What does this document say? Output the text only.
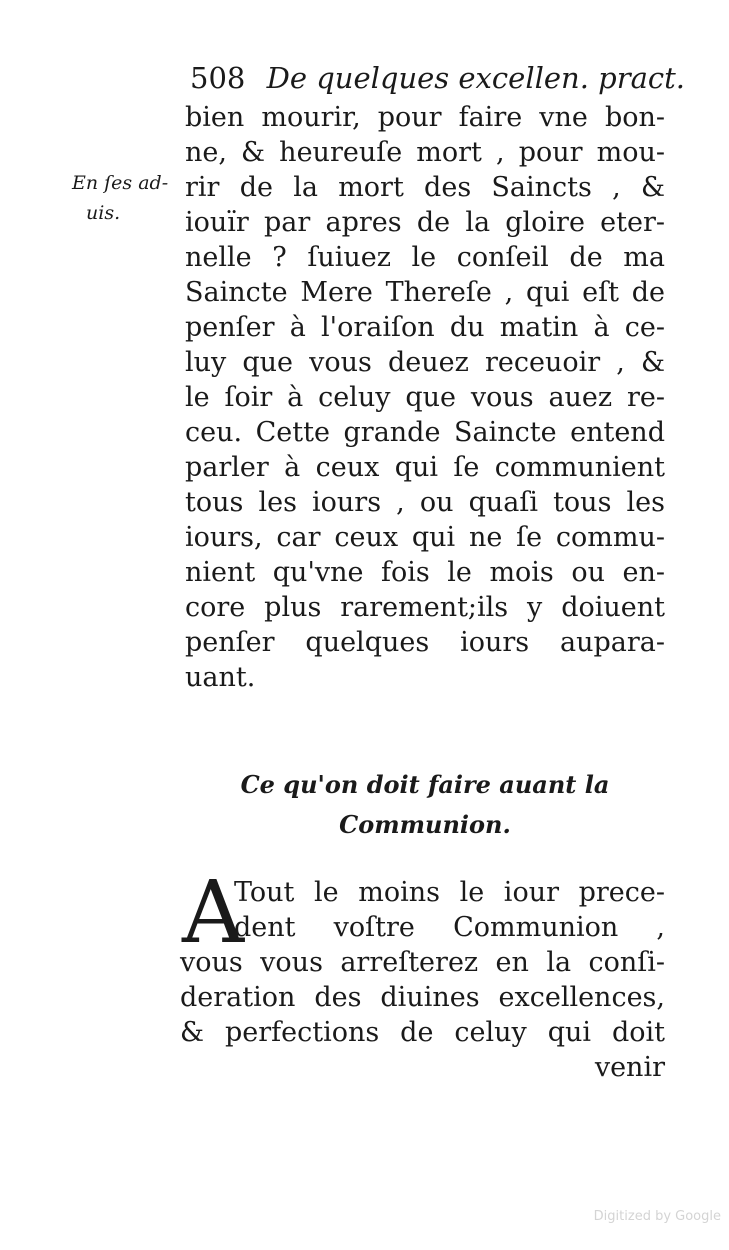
508 De quelques excellen. pract.
En ſes ad-
uis.
bien mourir, pour faire vne bon-
ne, & heureuſe mort , pour mou-
rir de la mort des Saincts , &
iouïr par apres de la gloire eter-
nelle ? ſuiuez le conſeil de ma
Saincte Mere Thereſe , qui eſt de
penſer à l'oraiſon du matin à ce-
luy que vous deuez receuoir , &
le ſoir à celuy que vous auez re-
ceu. Cette grande Saincte entend
parler à ceux qui ſe communient
tous les iours , ou quaſi tous les
iours, car ceux qui ne ſe commu-
nient qu'vne fois le mois ou en-
core plus rarement;ils y doiuent
penſer quelques iours auparа-
uant.
Ce qu'on doit faire auant la
Communion.
A
Tout le moins le iour prece-
dent voſtre Communion ,
vous vous arreſterez en la conſi-
deration des diuines excellences,
& perfections de celuy qui doit
venir
Digitized by Google
